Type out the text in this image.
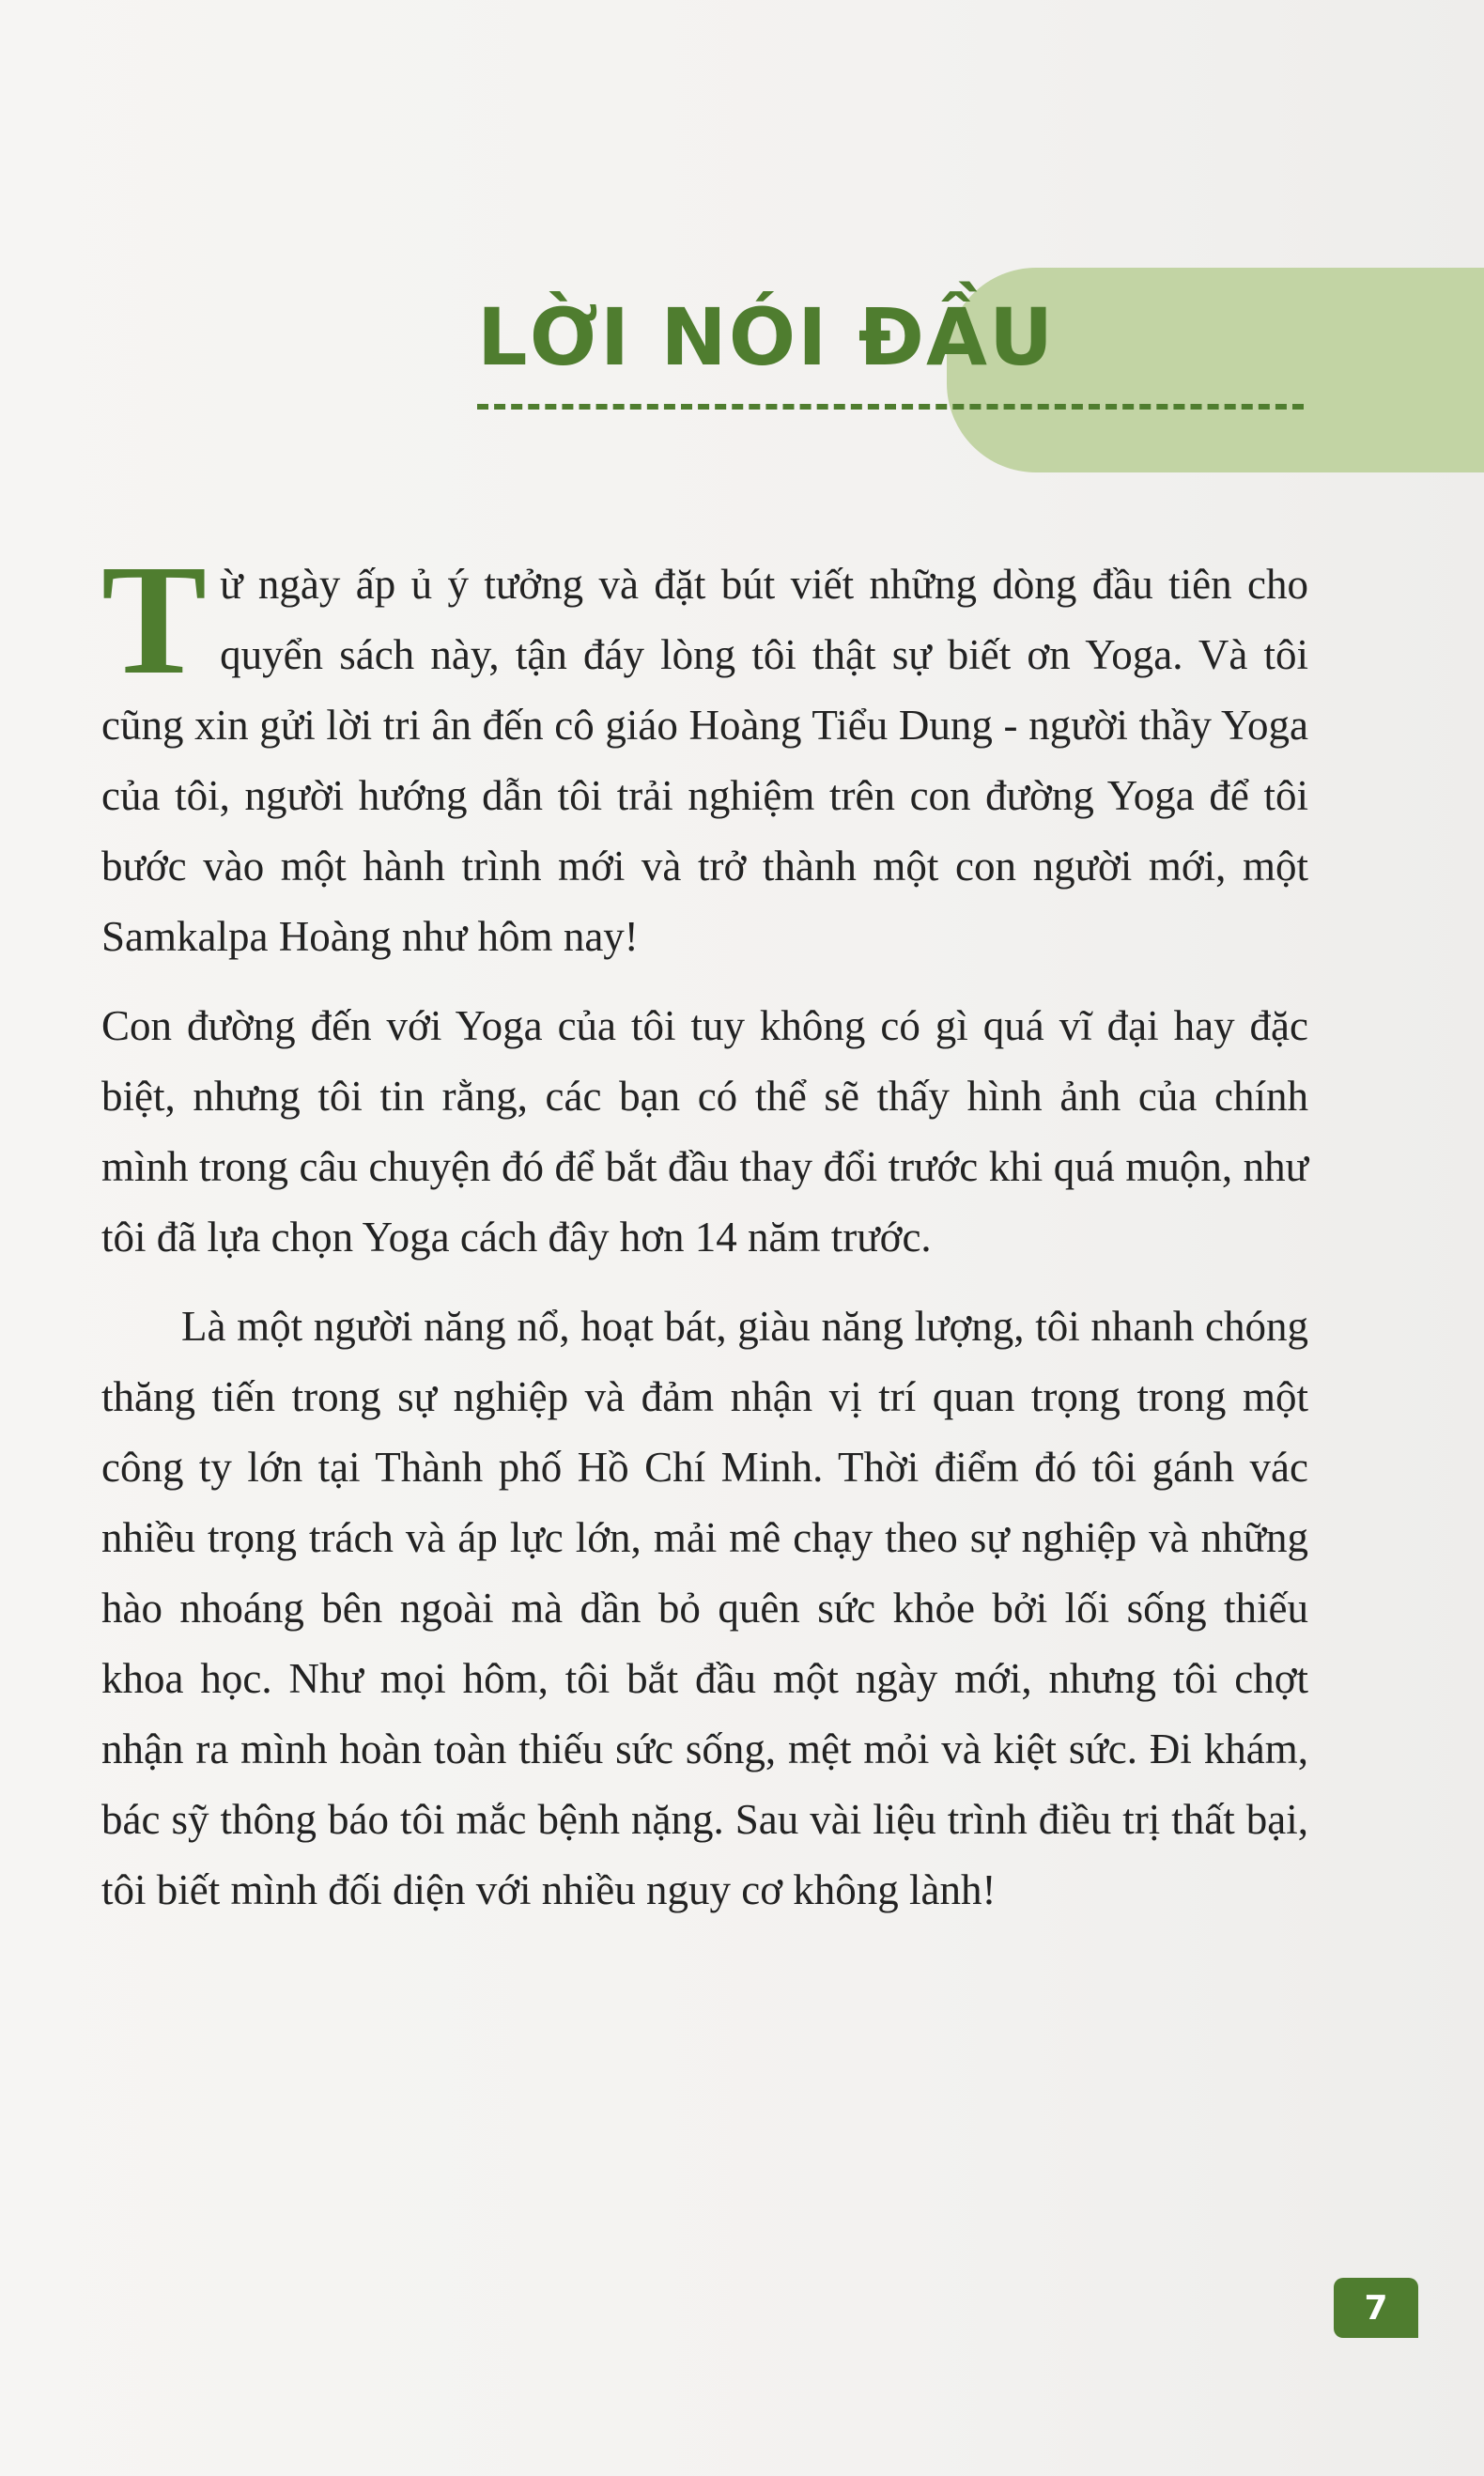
LỜI NÓI ĐẦU

Từ ngày ấp ủ ý tưởng và đặt bút viết những dòng đầu tiên cho quyển sách này, tận đáy lòng tôi thật sự biết ơn Yoga. Và tôi cũng xin gửi lời tri ân đến cô giáo Hoàng Tiểu Dung - người thầy Yoga của tôi, người hướng dẫn tôi trải nghiệm trên con đường Yoga để tôi bước vào một hành trình mới và trở thành một con người mới, một Samkalpa Hoàng như hôm nay!

Con đường đến với Yoga của tôi tuy không có gì quá vĩ đại hay đặc biệt, nhưng tôi tin rằng, các bạn có thể sẽ thấy hình ảnh của chính mình trong câu chuyện đó để bắt đầu thay đổi trước khi quá muộn, như tôi đã lựa chọn Yoga cách đây hơn 14 năm trước.

Là một người năng nổ, hoạt bát, giàu năng lượng, tôi nhanh chóng thăng tiến trong sự nghiệp và đảm nhận vị trí quan trọng trong một công ty lớn tại Thành phố Hồ Chí Minh. Thời điểm đó tôi gánh vác nhiều trọng trách và áp lực lớn, mải mê chạy theo sự nghiệp và những hào nhoáng bên ngoài mà dần bỏ quên sức khỏe bởi lối sống thiếu khoa học. Như mọi hôm, tôi bắt đầu một ngày mới, nhưng tôi chợt nhận ra mình hoàn toàn thiếu sức sống, mệt mỏi và kiệt sức. Đi khám, bác sỹ thông báo tôi mắc bệnh nặng. Sau vài liệu trình điều trị thất bại, tôi biết mình đối diện với nhiều nguy cơ không lành!

7
